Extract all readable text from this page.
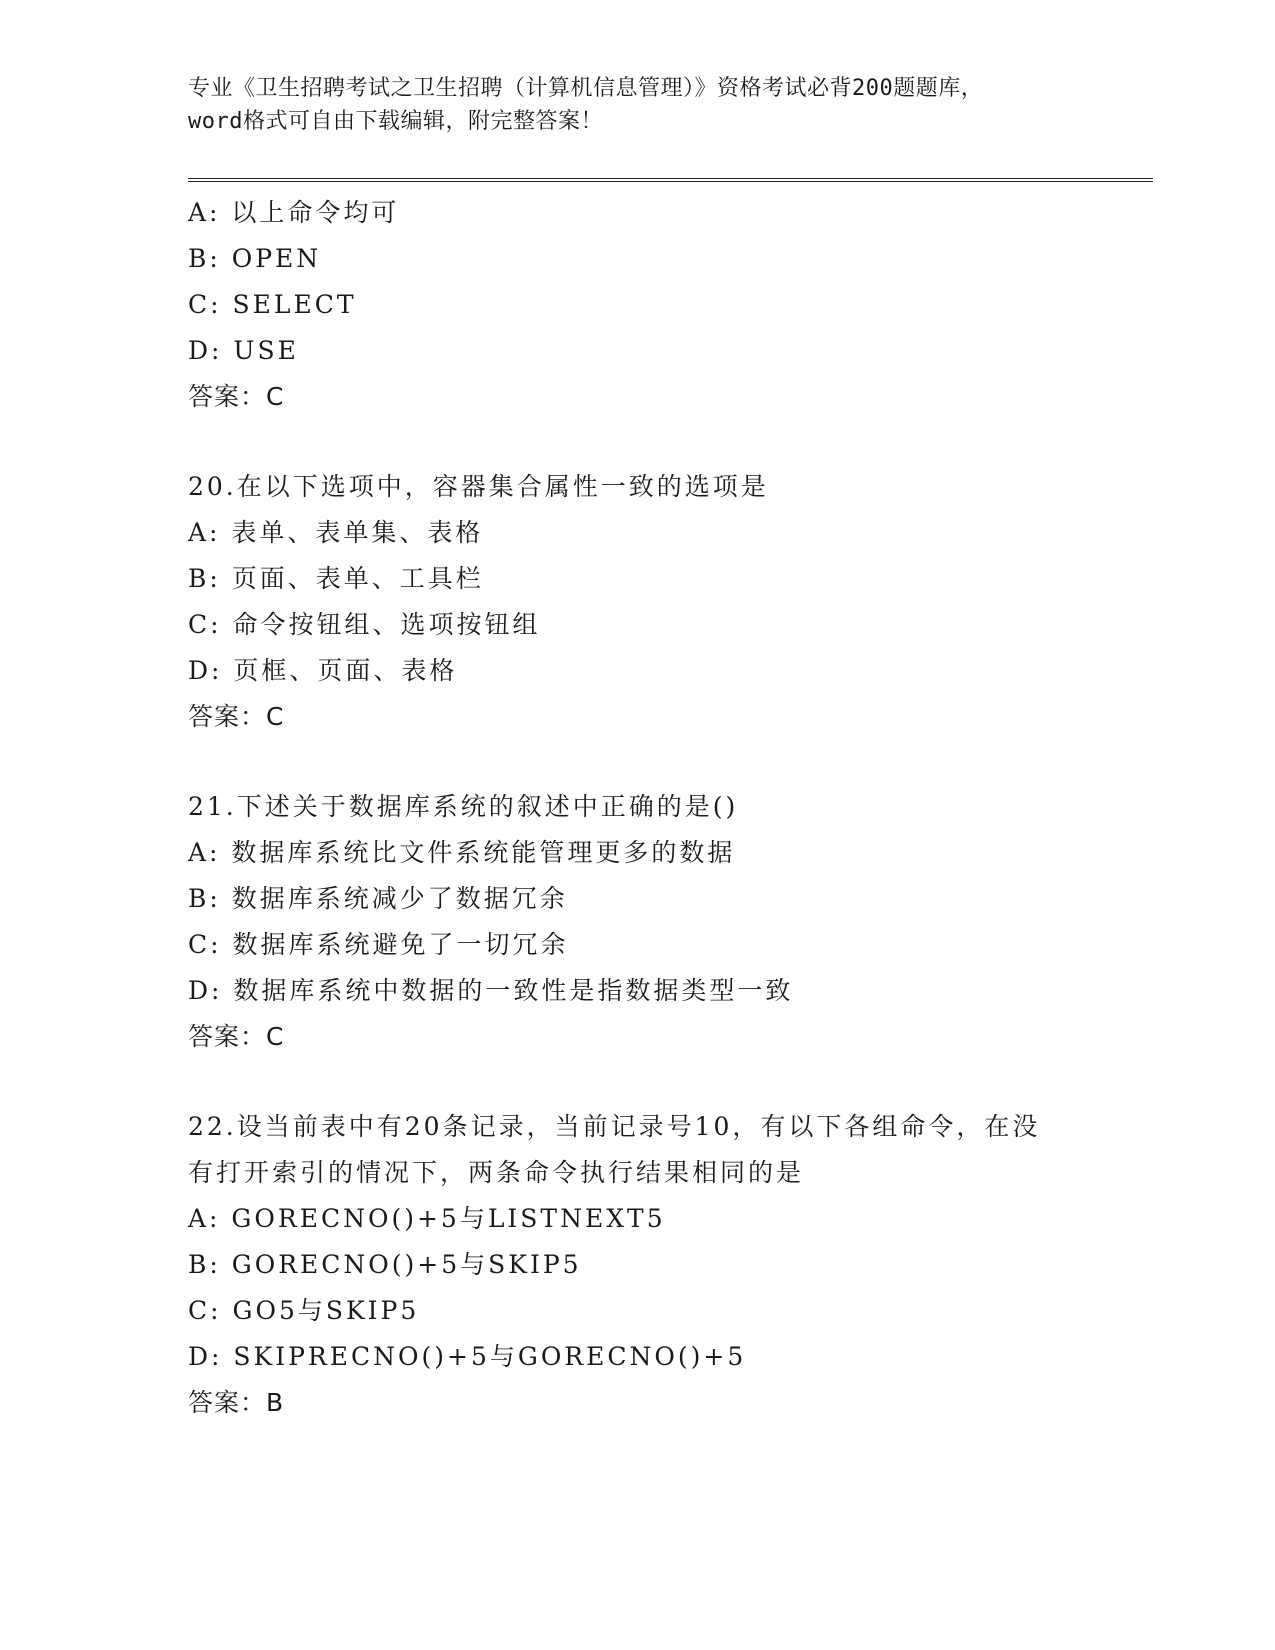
专业《卫生招聘考试之卫生招聘（计算机信息管理）》资格考试必背200题题库，
word格式可自由下载编辑，附完整答案！
A: 以上命令均可
B: OPEN
C: SELECT
D: USE
答案：C
20.在以下选项中，容器集合属性一致的选项是
A: 表单、表单集、表格
B: 页面、表单、工具栏
C: 命令按钮组、选项按钮组
D: 页框、页面、表格
答案：C
21.下述关于数据库系统的叙述中正确的是()
A: 数据库系统比文件系统能管理更多的数据
B: 数据库系统减少了数据冗余
C: 数据库系统避免了一切冗余
D: 数据库系统中数据的一致性是指数据类型一致
答案：C
22.设当前表中有20条记录，当前记录号10，有以下各组命令，在没
有打开索引的情况下，两条命令执行结果相同的是
A: GORECNO()+5与LISTNEXT5
B: GORECNO()+5与SKIP5
C: GO5与SKIP5
D: SKIPRECNO()+5与GORECNO()+5
答案：B
